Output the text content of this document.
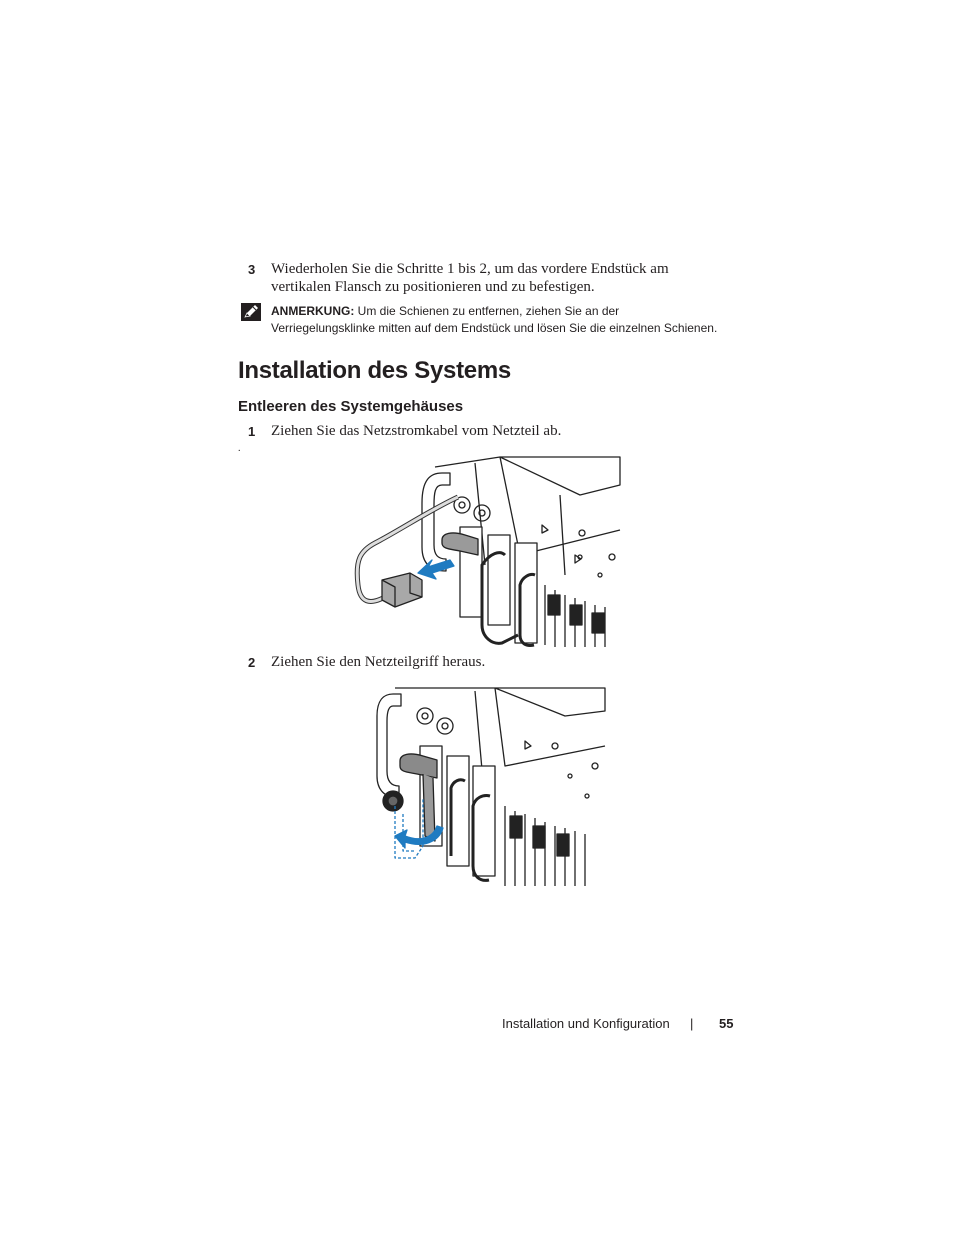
3 Wiederholen Sie die Schritte 1 bis 2, um das vordere Endstück am
vertikalen Flansch zu positionieren und zu befestigen.
ANMERKUNG: Um die Schienen zu entfernen, ziehen Sie an der
Verriegelungsklinke mitten auf dem Endstück und lösen Sie die einzelnen Schienen.
Installation des Systems
Entleeren des Systemgehäuses
1 Ziehen Sie das Netzstromkabel vom Netzteil ab.
.
2 Ziehen Sie den Netzteilgriff heraus.
Installation und Konfiguration | 55
